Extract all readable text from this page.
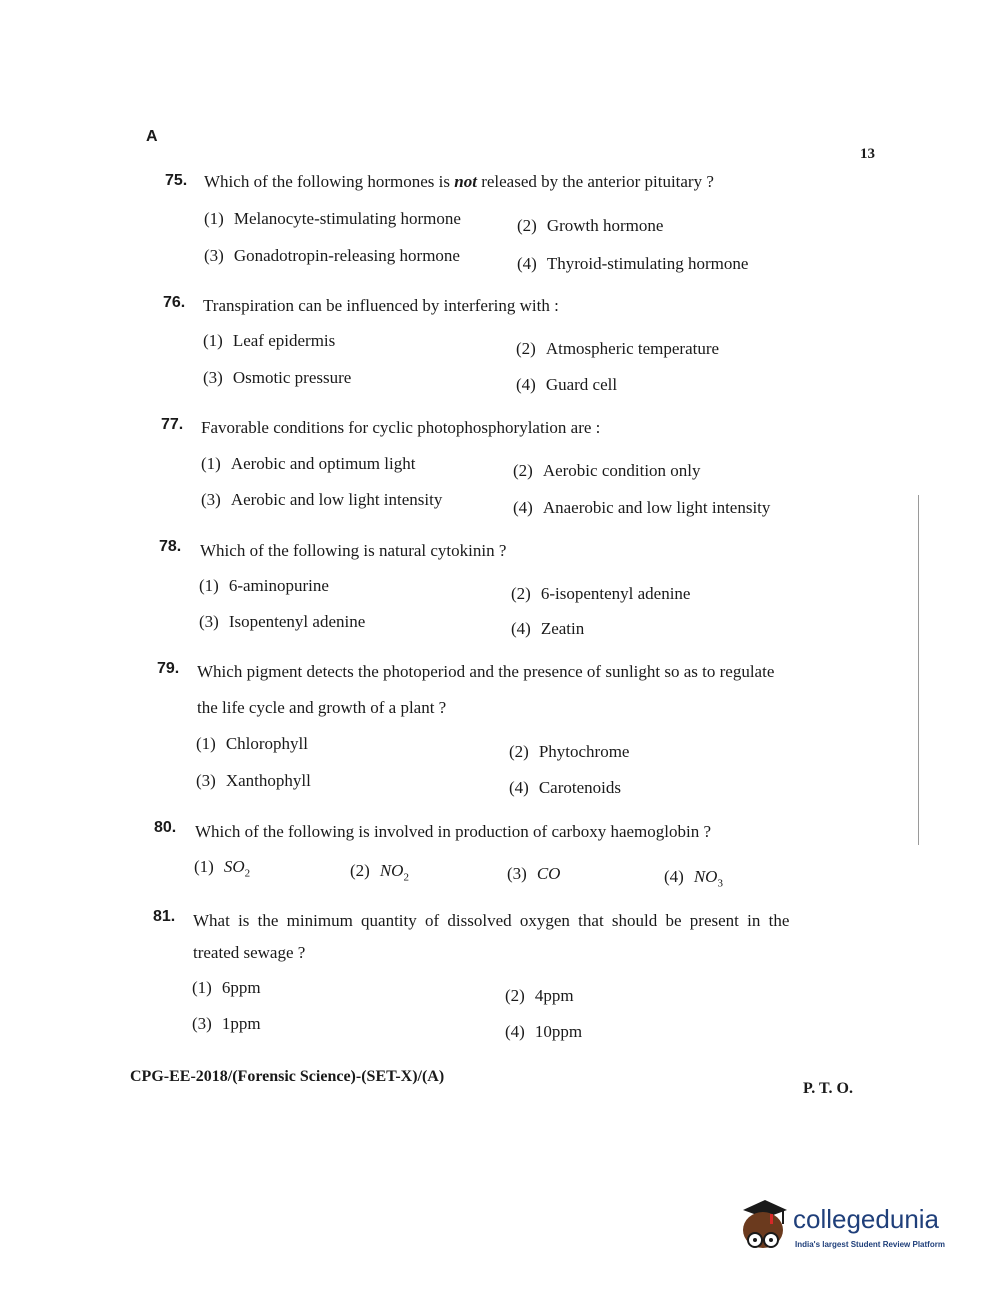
A
13
75. Which of the following hormones is not released by the anterior pituitary ?
(1) Melanocyte-stimulating hormone	(2) Growth hormone
(3) Gonadotropin-releasing hormone	(4) Thyroid-stimulating hormone
76. Transpiration can be influenced by interfering with :
(1) Leaf epidermis	(2) Atmospheric temperature
(3) Osmotic pressure	(4) Guard cell
77. Favorable conditions for cyclic photophosphorylation are :
(1) Aerobic and optimum light	(2) Aerobic condition only
(3) Aerobic and low light intensity	(4) Anaerobic and low light intensity
78. Which of the following is natural cytokinin ?
(1) 6-aminopurine	(2) 6-isopentenyl adenine
(3) Isopentenyl adenine	(4) Zeatin
79. Which pigment detects the photoperiod and the presence of sunlight so as to regulate
the life cycle and growth of a plant ?
(1) Chlorophyll	(2) Phytochrome
(3) Xanthophyll	(4) Carotenoids
80. Which of the following is involved in production of carboxy haemoglobin ?
(1) $SO_2$	(2) $NO_2$	(3) CO	(4) $NO_3$
81. What is the minimum quantity of dissolved oxygen that should be present in the
treated sewage ?
(1) 6ppm	(2) 4ppm
(3) 1ppm	(4) 10ppm
CPG-EE-2018/(Forensic Science)-(SET-X)/(A)
P. T. O.
collegedunia
India's largest Student Review Platform
